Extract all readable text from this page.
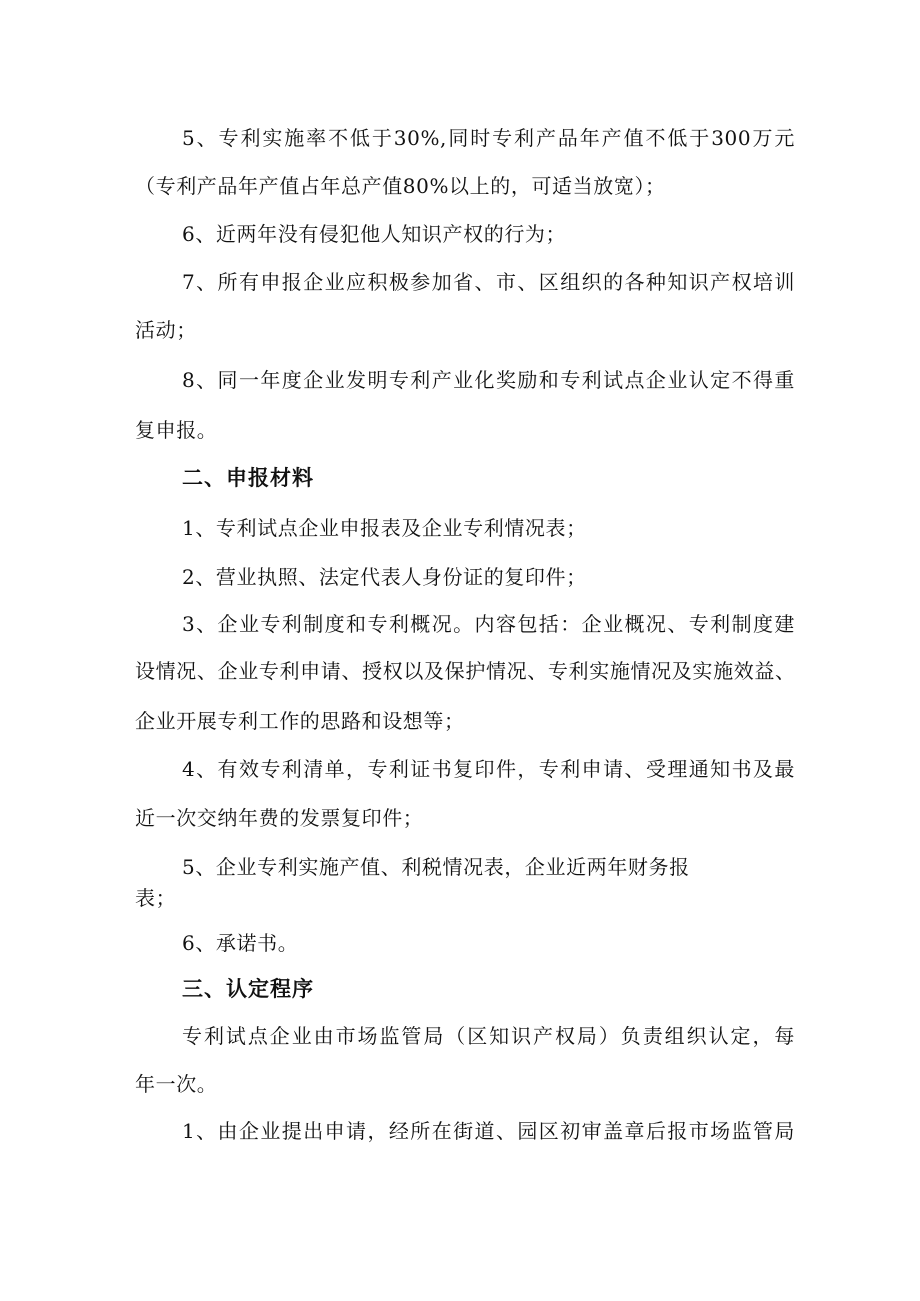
5、专利实施率不低于30%,同时专利产品年产值不低于300万元
（专利产品年产值占年总产值80%以上的，可适当放宽）；
6、近两年没有侵犯他人知识产权的行为；
7、所有申报企业应积极参加省、市、区组织的各种知识产权培训
活动；
8、同一年度企业发明专利产业化奖励和专利试点企业认定不得重
复申报。
二、申报材料
1、专利试点企业申报表及企业专利情况表；
2、营业执照、法定代表人身份证的复印件；
3、企业专利制度和专利概况。内容包括：企业概况、专利制度建
设情况、企业专利申请、授权以及保护情况、专利实施情况及实施效益、
企业开展专利工作的思路和设想等；
4、有效专利清单，专利证书复印件，专利申请、受理通知书及最
近一次交纳年费的发票复印件；
5、企业专利实施产值、利税情况表，企业近两年财务报
表；
6、承诺书。
三、认定程序
专利试点企业由市场监管局（区知识产权局）负责组织认定，每
年一次。
1、由企业提出申请，经所在街道、园区初审盖章后报市场监管局
